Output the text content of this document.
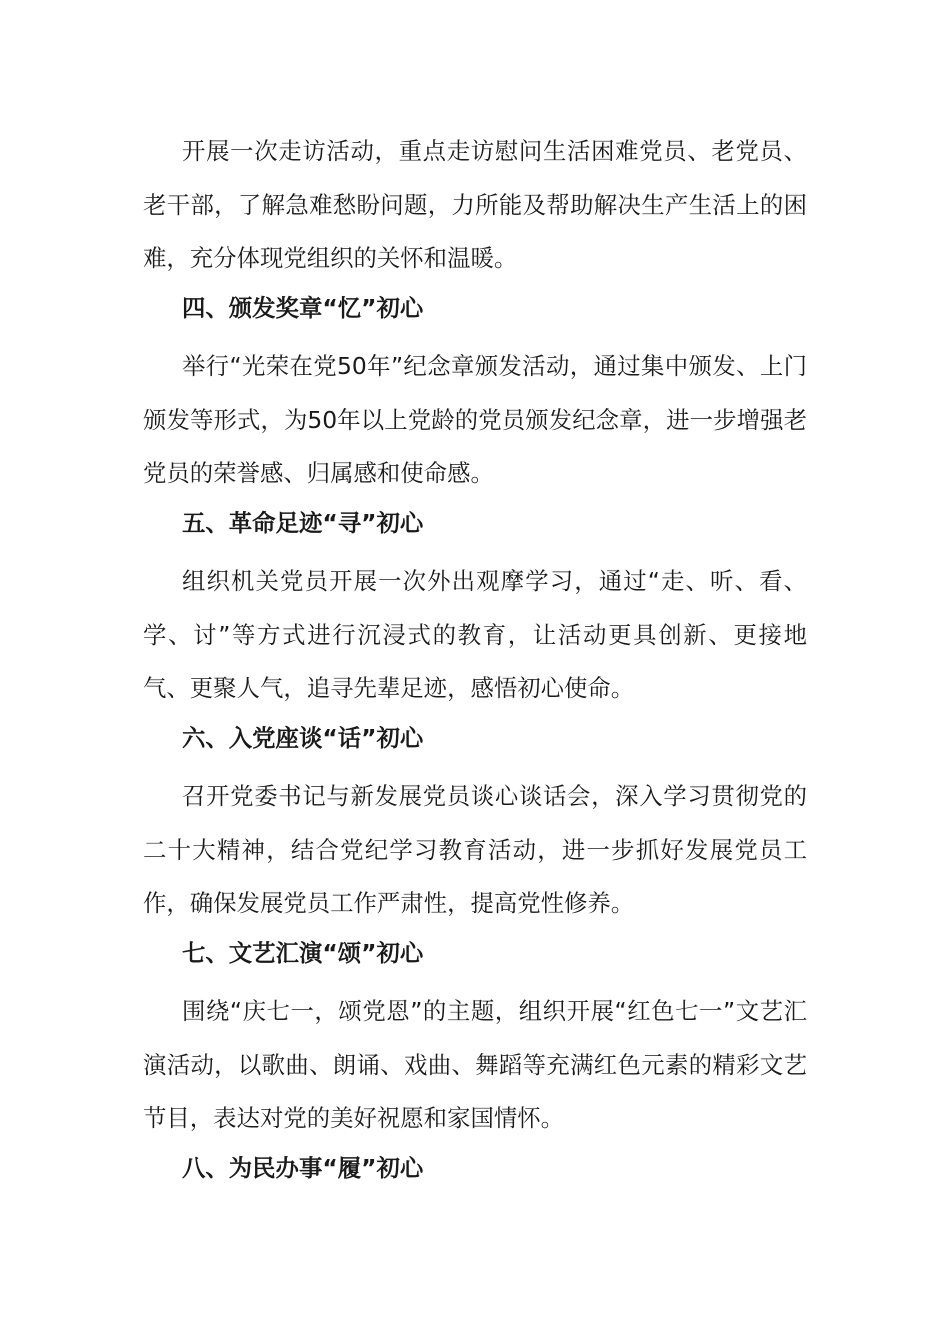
开展一次走访活动，重点走访慰问生活困难党员、老党员、老干部，了解急难愁盼问题，力所能及帮助解决生产生活上的困难，充分体现党组织的关怀和温暖。

四、颁发奖章“忆”初心

举行“光荣在党50年”纪念章颁发活动，通过集中颁发、上门颁发等形式，为50年以上党龄的党员颁发纪念章，进一步增强老党员的荣誉感、归属感和使命感。

五、革命足迹“寻”初心

组织机关党员开展一次外出观摩学习，通过“走、听、看、学、讨”等方式进行沉浸式的教育，让活动更具创新、更接地气、更聚人气，追寻先辈足迹，感悟初心使命。

六、入党座谈“话”初心

召开党委书记与新发展党员谈心谈话会，深入学习贯彻党的二十大精神，结合党纪学习教育活动，进一步抓好发展党员工作，确保发展党员工作严肃性，提高党性修养。

七、文艺汇演“颂”初心

围绕“庆七一，颂党恩”的主题，组织开展“红色七一”文艺汇演活动，以歌曲、朗诵、戏曲、舞蹈等充满红色元素的精彩文艺节目，表达对党的美好祝愿和家国情怀。

八、为民办事“履”初心
